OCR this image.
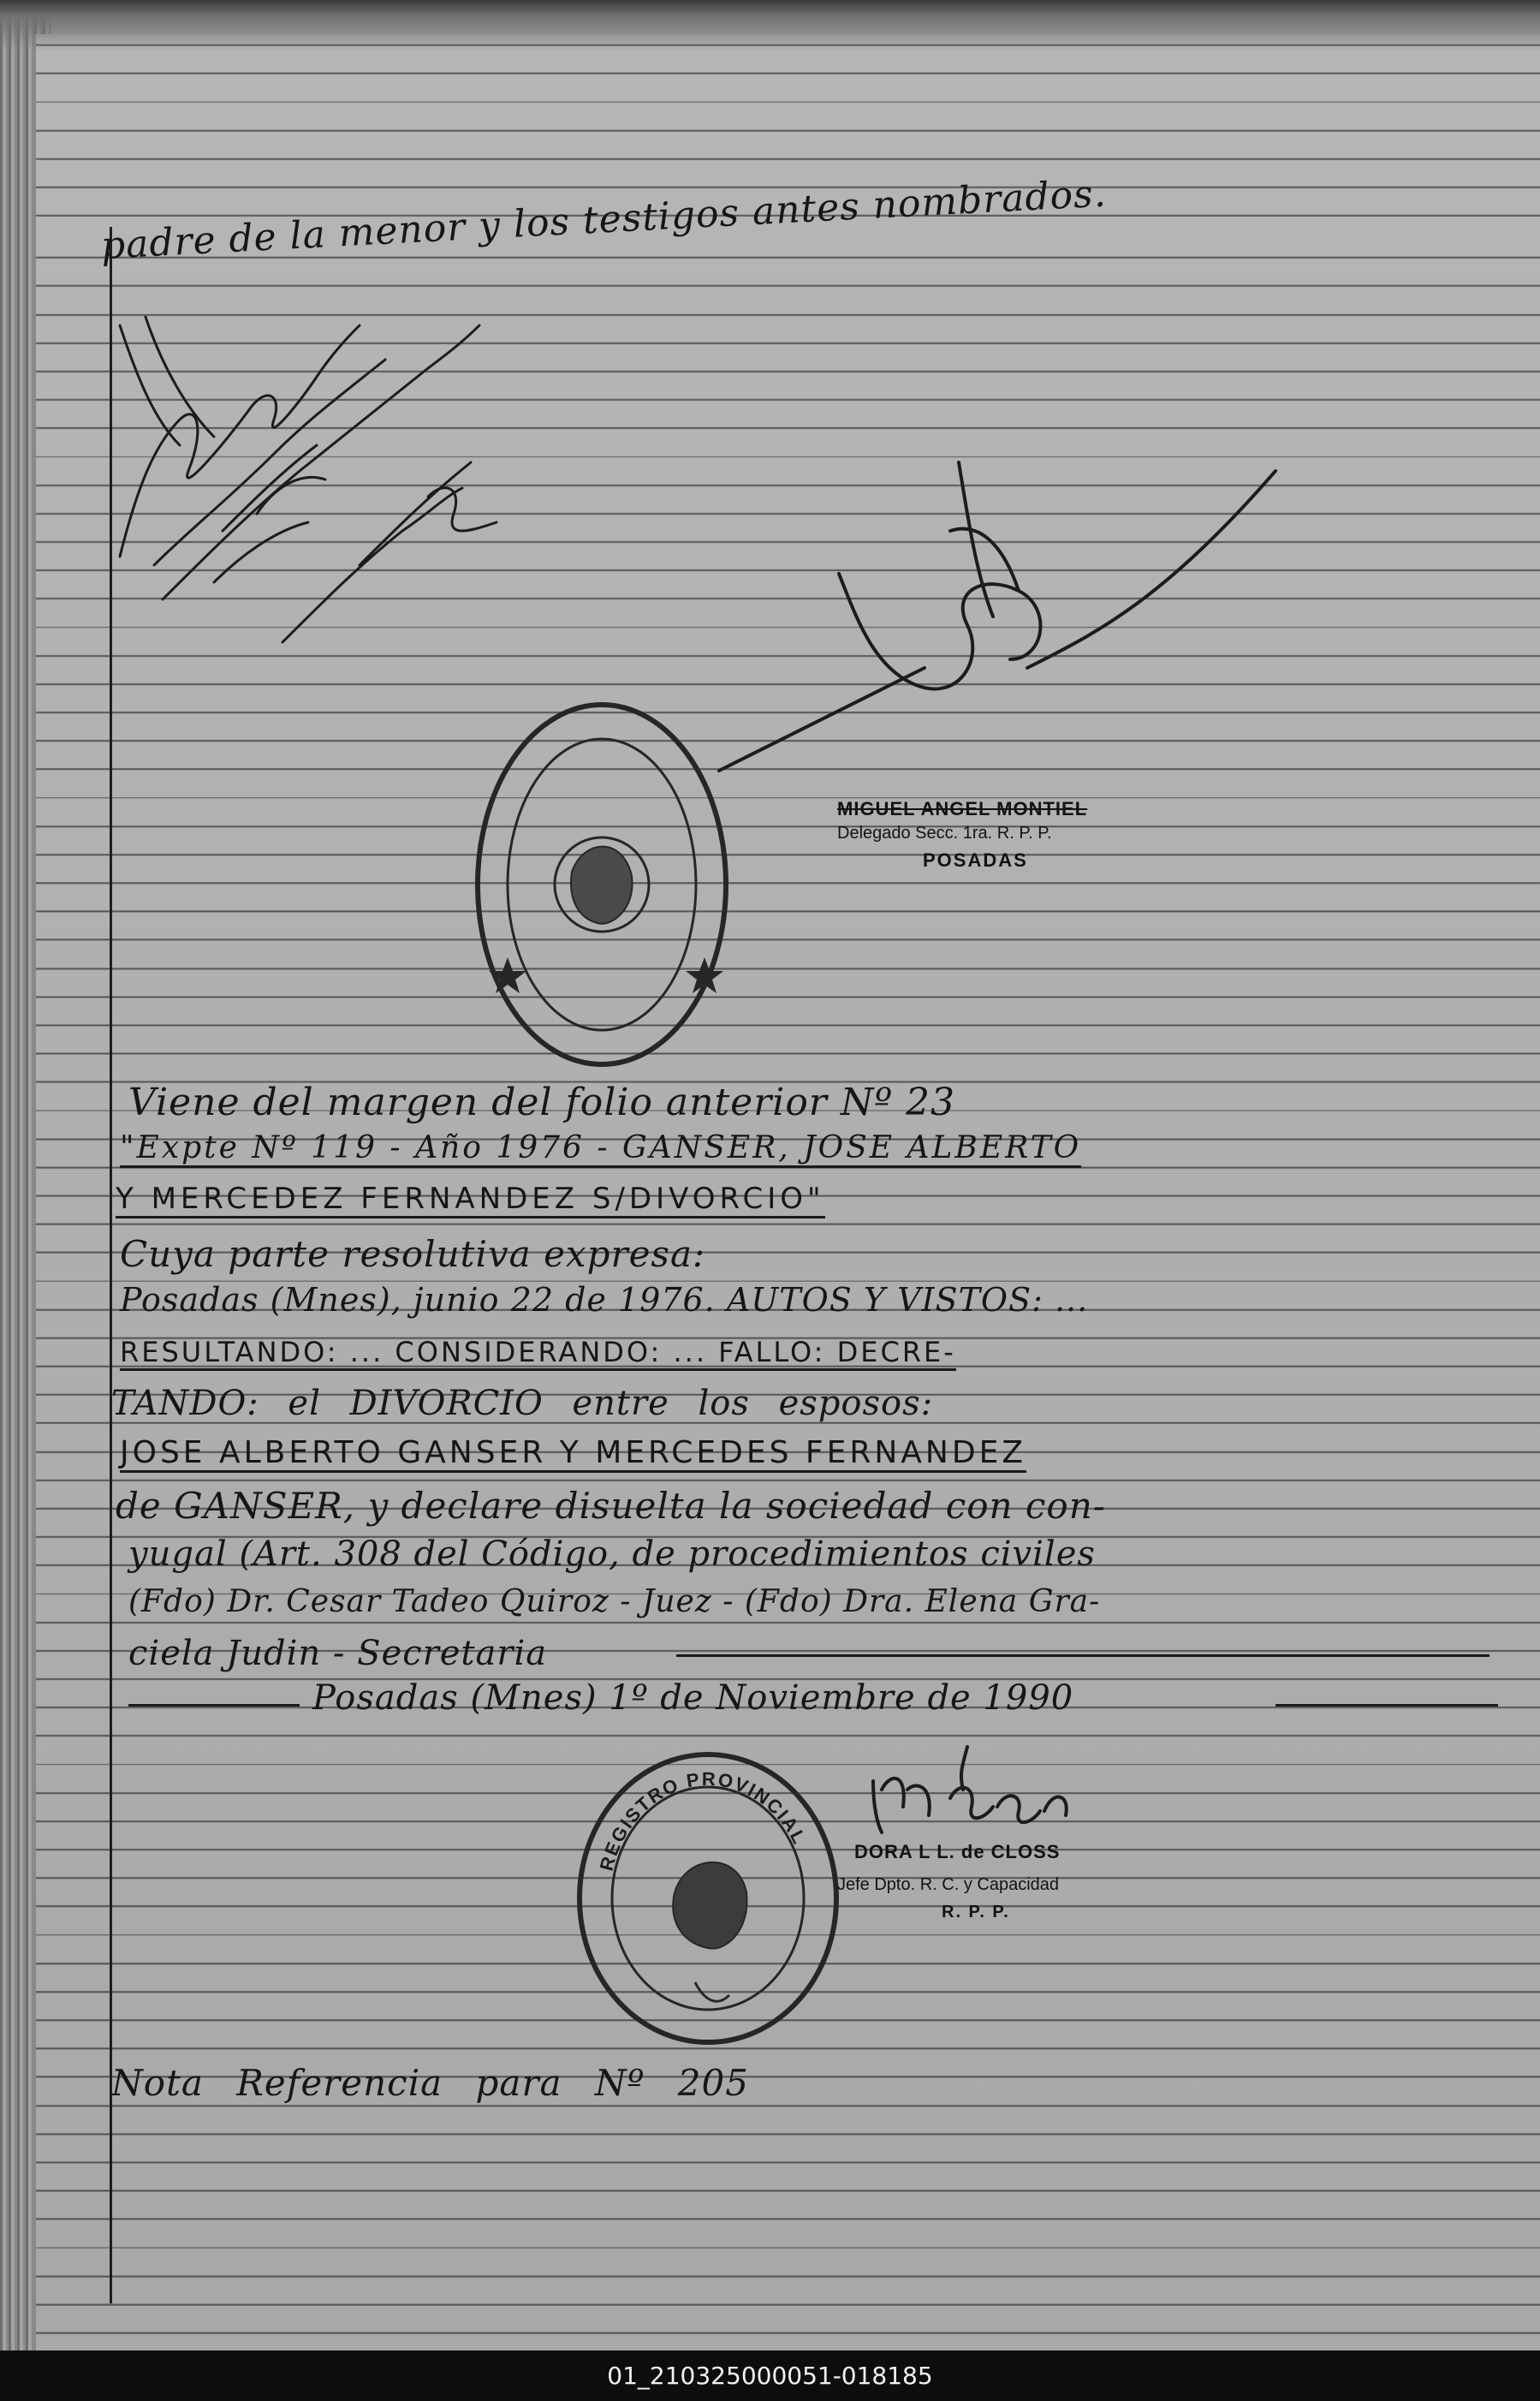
padre de la menor y los testigos antes nombrados.
MIGUEL ANGEL MONTIEL
Delegado Secc. 1ra. R. P. P.
POSADAS
Viene del margen del folio anterior Nº 23
"Expte Nº 119 - Año 1976 - GANSER, JOSE ALBERTO
Y MERCEDEZ FERNANDEZ S/DIVORCIO"
Cuya parte resolutiva expresa:
Posadas (Mnes), junio 22 de 1976. AUTOS Y VISTOS: ...
RESULTANDO: ... CONSIDERANDO: ... FALLO: DECRE-
TANDO: el DIVORCIO entre los esposos:
JOSE ALBERTO GANSER Y MERCEDES FERNANDEZ
de GANSER, y declare disuelta la sociedad con con-
yugal (Art. 308 del Código, de procedimientos civiles
(Fdo) Dr. Cesar Tadeo Quiroz - Juez - (Fdo) Dra. Elena Gra-
ciela Judin - Secretaria
Posadas (Mnes) 1º de Noviembre de 1990
REGISTRO PROVINCIAL
DORA L L. de CLOSS
Jefe Dpto. R. C. y Capacidad
R. P. P.
Nota Referencia para Nº 205
01_210325000051-018185
